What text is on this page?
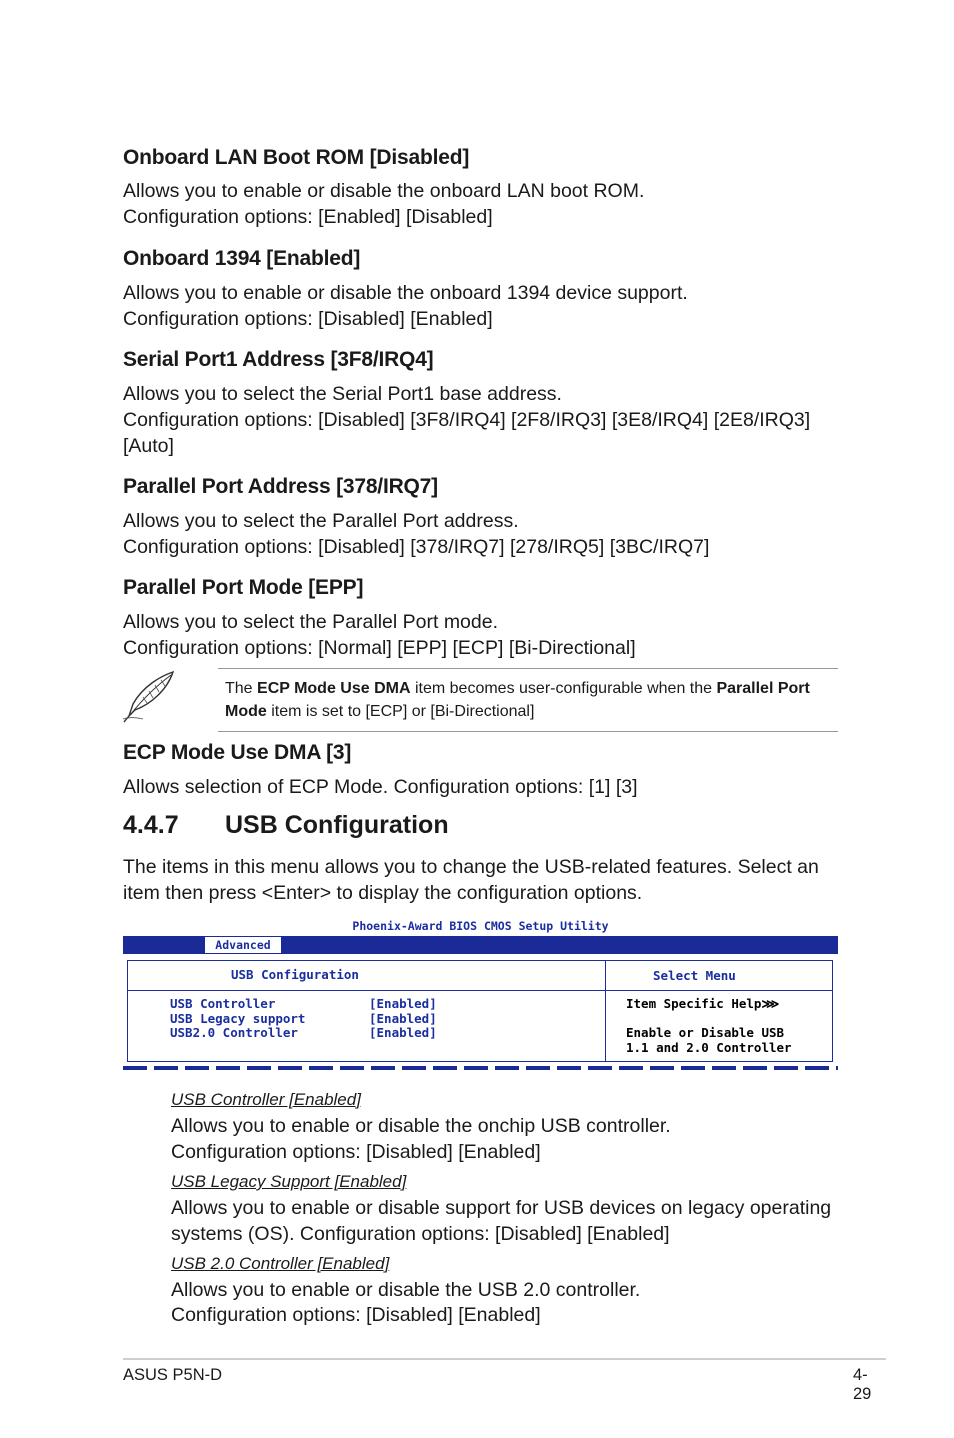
Onboard LAN Boot ROM [Disabled]
Allows you to enable or disable the onboard LAN boot ROM.
Configuration options: [Enabled] [Disabled]
Onboard 1394 [Enabled]
Allows you to enable or disable the onboard 1394 device support.
Configuration options: [Disabled] [Enabled]
Serial Port1 Address [3F8/IRQ4]
Allows you to select the Serial Port1 base address.
Configuration options: [Disabled] [3F8/IRQ4] [2F8/IRQ3] [3E8/IRQ4] [2E8/IRQ3]
[Auto]
Parallel Port Address [378/IRQ7]
Allows you to select the Parallel Port address.
Configuration options: [Disabled] [378/IRQ7] [278/IRQ5] [3BC/IRQ7]
Parallel Port Mode [EPP]
Allows you to select the Parallel Port mode.
Configuration options: [Normal] [EPP] [ECP] [Bi-Directional]
The ECP Mode Use DMA item becomes user-configurable when the Parallel Port Mode item is set to [ECP] or [Bi-Directional]
ECP Mode Use DMA [3]
Allows selection of ECP Mode. Configuration options: [1] [3]
4.4.7 USB Configuration
The items in this menu allows you to change the USB-related features. Select an
item then press <Enter> to display the configuration options.
Phoenix-Award BIOS CMOS Setup Utility
Advanced
USB Configuration	Select Menu
USB Controller	[Enabled]
USB Legacy support	[Enabled]
USB2.0 Controller	[Enabled]
Item Specific Help⋙
Enable or Disable USB
1.1 and 2.0 Controller
USB Controller [Enabled]
Allows you to enable or disable the onchip USB controller.
Configuration options: [Disabled] [Enabled]
USB Legacy Support [Enabled]
Allows you to enable or disable support for USB devices on legacy operating
systems (OS). Configuration options: [Disabled] [Enabled]
USB 2.0 Controller [Enabled]
Allows you to enable or disable the USB 2.0 controller.
Configuration options: [Disabled] [Enabled]
ASUS P5N-D	4-29
